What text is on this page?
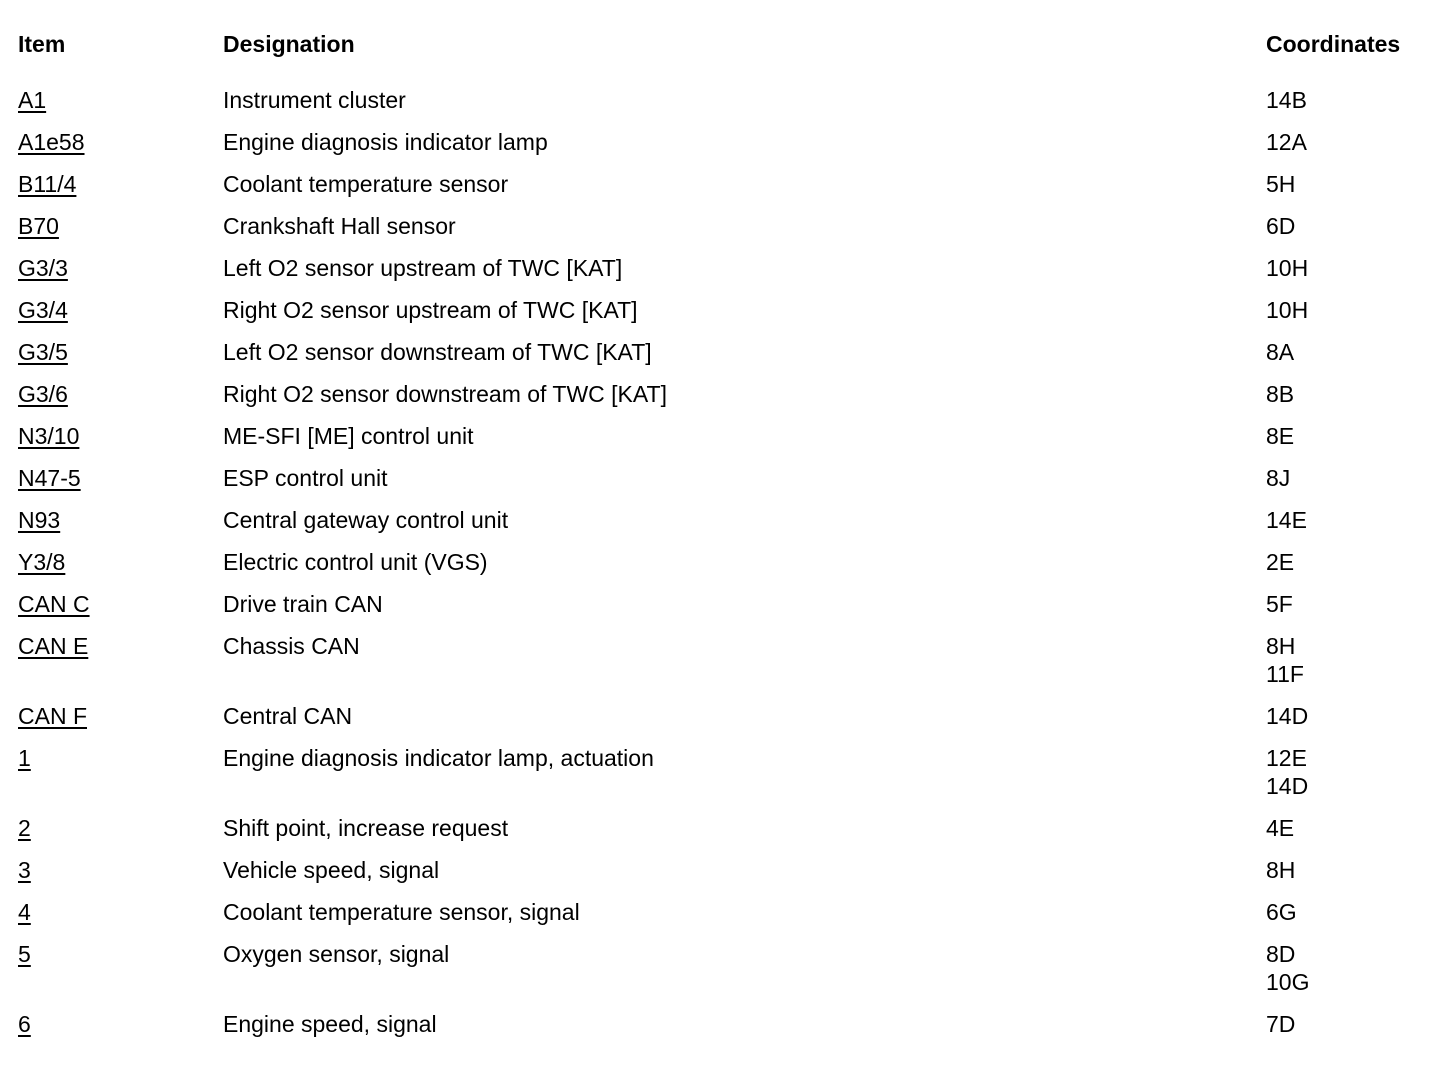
Item	Designation	Coordinates
A1	Instrument cluster	14B
A1e58	Engine diagnosis indicator lamp	12A
B11/4	Coolant temperature sensor	5H
B70	Crankshaft Hall sensor	6D
G3/3	Left O2 sensor upstream of TWC [KAT]	10H
G3/4	Right O2 sensor upstream of TWC [KAT]	10H
G3/5	Left O2 sensor downstream of TWC [KAT]	8A
G3/6	Right O2 sensor downstream of TWC [KAT]	8B
N3/10	ME-SFI [ME] control unit	8E
N47-5	ESP control unit	8J
N93	Central gateway control unit	14E
Y3/8	Electric control unit (VGS)	2E
CAN C	Drive train CAN	5F
CAN E	Chassis CAN	8H
11F
CAN F	Central CAN	14D
1	Engine diagnosis indicator lamp, actuation	12E
14D
2	Shift point, increase request	4E
3	Vehicle speed, signal	8H
4	Coolant temperature sensor, signal	6G
5	Oxygen sensor, signal	8D
10G
6	Engine speed, signal	7D
